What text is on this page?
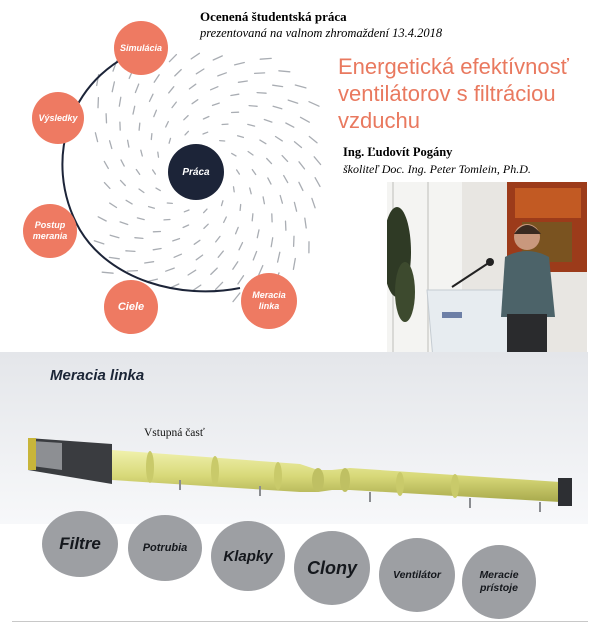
Ocenená študentská práca
prezentovaná na valnom zhromaždení 13.4.2018
Energetická efektívnosť ventilátorov s filtráciou vzduchu
Ing. Ľudovít Pogány
školiteľ Doc. Ing. Peter Tomlein, Ph.D.
Simulácia
Výsledky
Postup
merania
Ciele
Meracia
linka
Práca
Meracia linka
Vstupná časť
Filtre	Potrubia Klapky
Clony	Ventilátor	Meracie
prístoje
